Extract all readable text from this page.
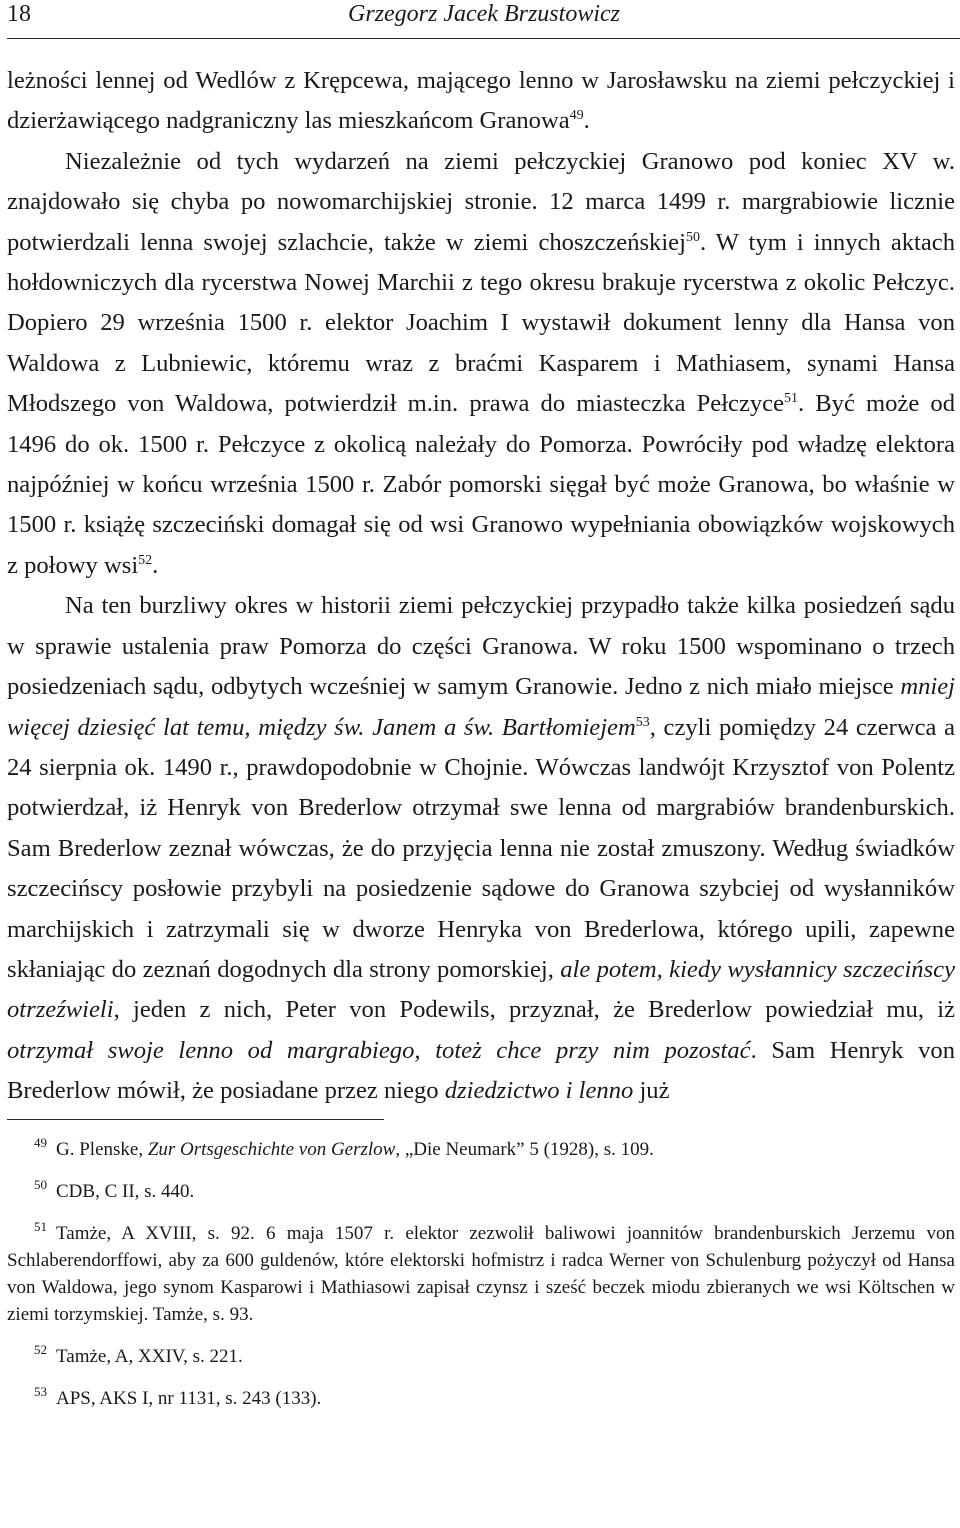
18	Grzegorz Jacek Brzustowicz

leżności lennej od Wedlów z Krępcewa, mającego lenno w Jarosławsku na ziemi pełczyckiej i dzierżawiącego nadgraniczny las mieszkańcom Granowa$^{49}$.

Niezależnie od tych wydarzeń na ziemi pełczyckiej Granowo pod koniec XV w. znajdowało się chyba po nowomarchijskiej stronie. 12 marca 1499 r. margrabiowie licznie potwierdzali lenna swojej szlachcie, także w ziemi choszczeńskiej$^{50}$. W tym i innych aktach hołdowniczych dla rycerstwa Nowej Marchii z tego okresu brakuje rycerstwa z okolic Pełczyc. Dopiero 29 września 1500 r. elektor Joachim I wystawił dokument lenny dla Hansa von Waldowa z Lubniewic, któremu wraz z braćmi Kasparem i Mathiasem, synami Hansa Młodszego von Waldowa, potwierdził m.in. prawa do miasteczka Pełczyce$^{51}$. Być może od 1496 do ok. 1500 r. Pełczyce z okolicą należały do Pomorza. Powróciły pod władzę elektora najpóźniej w końcu września 1500 r. Zabór pomorski sięgał być może Granowa, bo właśnie w 1500 r. książę szczeciński domagał się od wsi Granowo wypełniania obowiązków wojskowych z połowy wsi$^{52}$.

Na ten burzliwy okres w historii ziemi pełczyckiej przypadło także kilka posiedzeń sądu w sprawie ustalenia praw Pomorza do części Granowa. W roku 1500 wspominano o trzech posiedzeniach sądu, odbytych wcześniej w samym Granowie. Jedno z nich miało miejsce mniej więcej dziesięć lat temu, między św. Janem a św. Bartłomiejem$^{53}$, czyli pomiędzy 24 czerwca a 24 sierpnia ok. 1490 r., prawdopodobnie w Chojnie. Wówczas landwójt Krzysztof von Polentz potwierdzał, iż Henryk von Brederlow otrzymał swe lenna od margrabiów brandenburskich. Sam Brederlow zeznał wówczas, że do przyjęcia lenna nie został zmuszony. Według świadków szczecińscy posłowie przybyli na posiedzenie sądowe do Granowa szybciej od wysłanników marchijskich i zatrzymali się w dworze Henryka von Brederlowa, którego upili, zapewne skłaniając do zeznań dogodnych dla strony pomorskiej, ale potem, kiedy wysłannicy szczecińscy otrzeźwieli, jeden z nich, Peter von Podewils, przyznał, że Brederlow powiedział mu, iż otrzymał swoje lenno od margrabiego, toteż chce przy nim pozostać. Sam Henryk von Brederlow mówił, że posiadane przez niego dziedzictwo i lenno już

$^{49}$ G. Plenske, Zur Ortsgeschichte von Gerzlow, „Die Neumark” 5 (1928), s. 109.

$^{50}$ CDB, C II, s. 440.

$^{51}$ Tamże, A XVIII, s. 92. 6 maja 1507 r. elektor zezwolił baliwowi joannitów brandenburskich Jerzemu von Schlaberendorffowi, aby za 600 guldenów, które elektorski hofmistrz i radca Werner von Schulenburg pożyczył od Hansa von Waldowa, jego synom Kasparowi i Mathiasowi zapisał czynsz i sześć beczek miodu zbieranych we wsi Költschen w ziemi torzymskiej. Tamże, s. 93.

$^{52}$ Tamże, A, XXIV, s. 221.

$^{53}$ APS, AKS I, nr 1131, s. 243 (133).
